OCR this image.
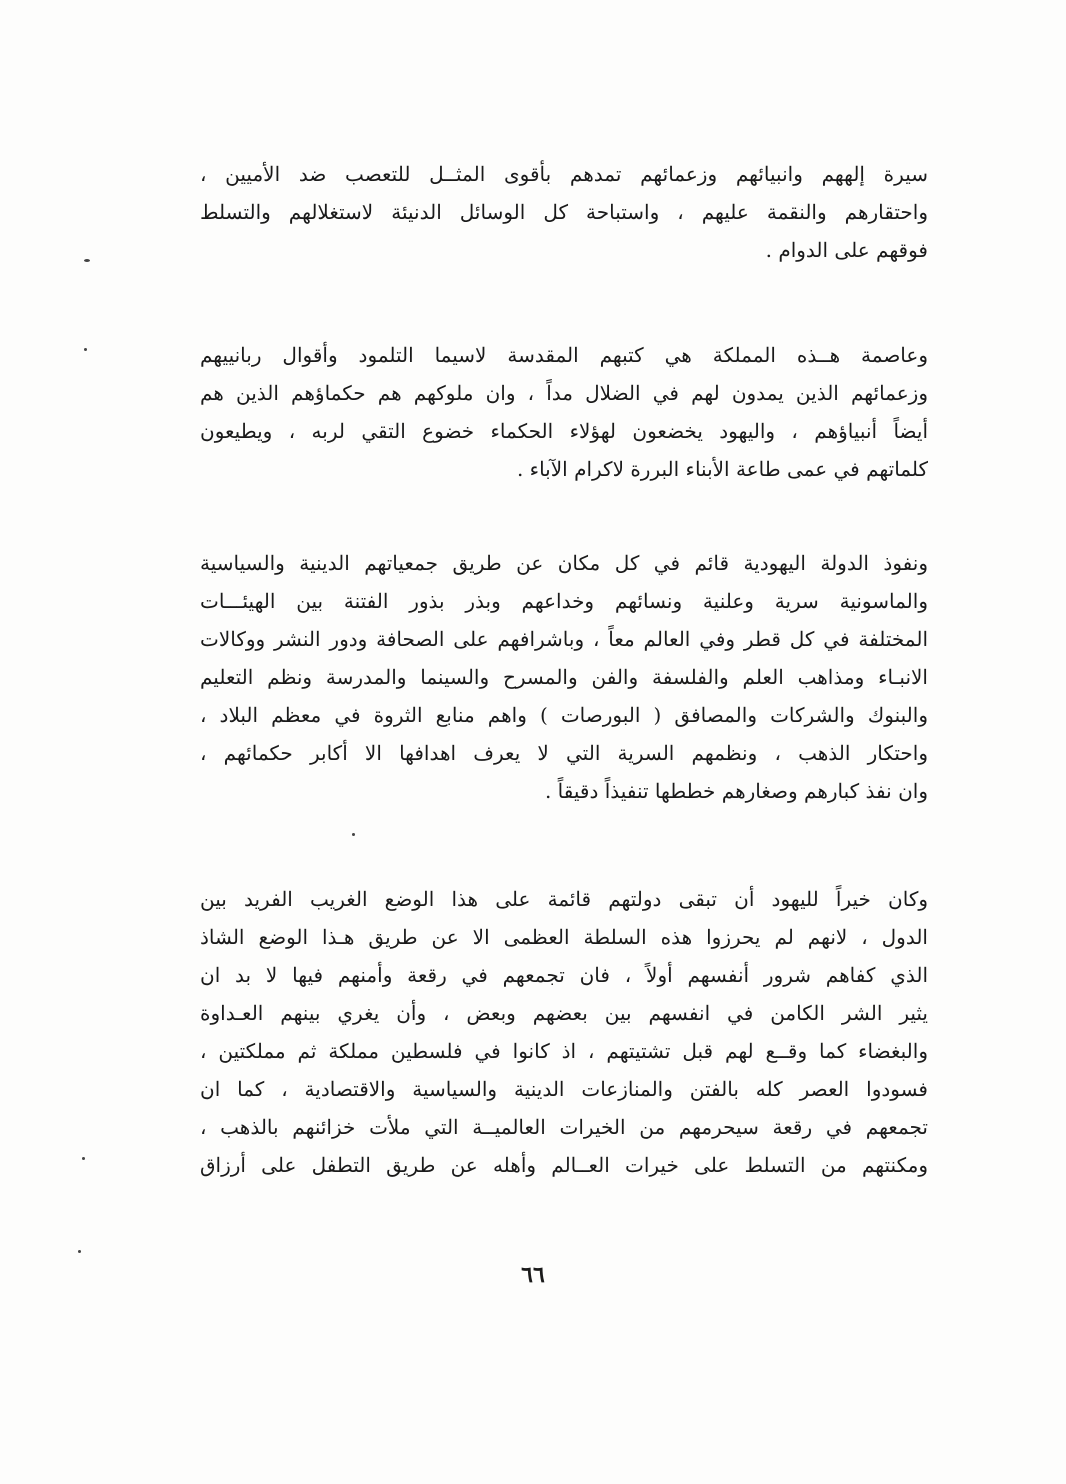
سيرة إلههم وانبيائهم وزعمائهم تمدهم بأقوى المثــل للتعصب ضد الأميين ،
واحتقارهم والنقمة عليهم ، واستباحة كل الوسائل الدنيئة لاستغلالهم والتسلط
فوقهم على الدوام .
وعاصمة هــذه المملكة هي كتبهم المقدسة لاسيما التلمود وأقوال ربانييهم
وزعمائهم الذين يمدون لهم في الضلال مداً ، وان ملوكهم هم حكماؤهم الذين هم
أيضاً أنبياؤهم ، واليهود يخضعون لهؤلاء الحكماء خضوع التقي لربه ، ويطيعون
كلماتهم في عمى طاعة الأبناء البررة لاكرام الآباء .
ونفوذ الدولة اليهودية قائم في كل مكان عن طريق جمعياتهم الدينية والسياسية
والماسونية سرية وعلنية ونسائهم وخداعهم وبذر بذور الفتنة بين الهيئـــات
المختلفة في كل قطر وفي العالم معاً ، وباشرافهم على الصحافة ودور النشر ووكالات
الانبـاء ومذاهب العلم والفلسفة والفن والمسرح والسينما والمدرسة ونظم التعليم
والبنوك والشركات والمصافق ( البورصات ) واهم منابع الثروة في معظم البلاد ،
واحتكار الذهب ، ونظمهم السرية التي لا يعرف اهدافها الا أكابر حكمائهم ،
وان نفذ كبارهم وصغارهم خططها تنفيذاً دقيقاً .
وكان خيراً لليهود أن تبقى دولتهم قائمة على هذا الوضع الغريب الفريد بين
الدول ، لانهم لم يحرزوا هذه السلطة العظمى الا عن طريق هـذا الوضع الشاذ
الذي كفاهم شرور أنفسهم أولاً ، فان تجمعهم في رقعة وأمنهم فيها لا بد ان
يثير الشر الكامن في انفسهم بين بعضهم وبعض ، وأن يغري بينهم العـداوة
والبغضاء كما وقــع لهم قبل تشتيتهم ، اذ كانوا في فلسطين مملكة ثم مملكتين ،
فسودوا العصر كله بالفتن والمنازعات الدينية والسياسية والاقتصادية ، كما ان
تجمعهم في رقعة سيحرمهم من الخيرات العالميــة التي ملأت خزائنهم بالذهب ،
ومكنتهم من التسلط على خيرات العــالم وأهله عن طريق التطفل على أرزاق
٦٦
